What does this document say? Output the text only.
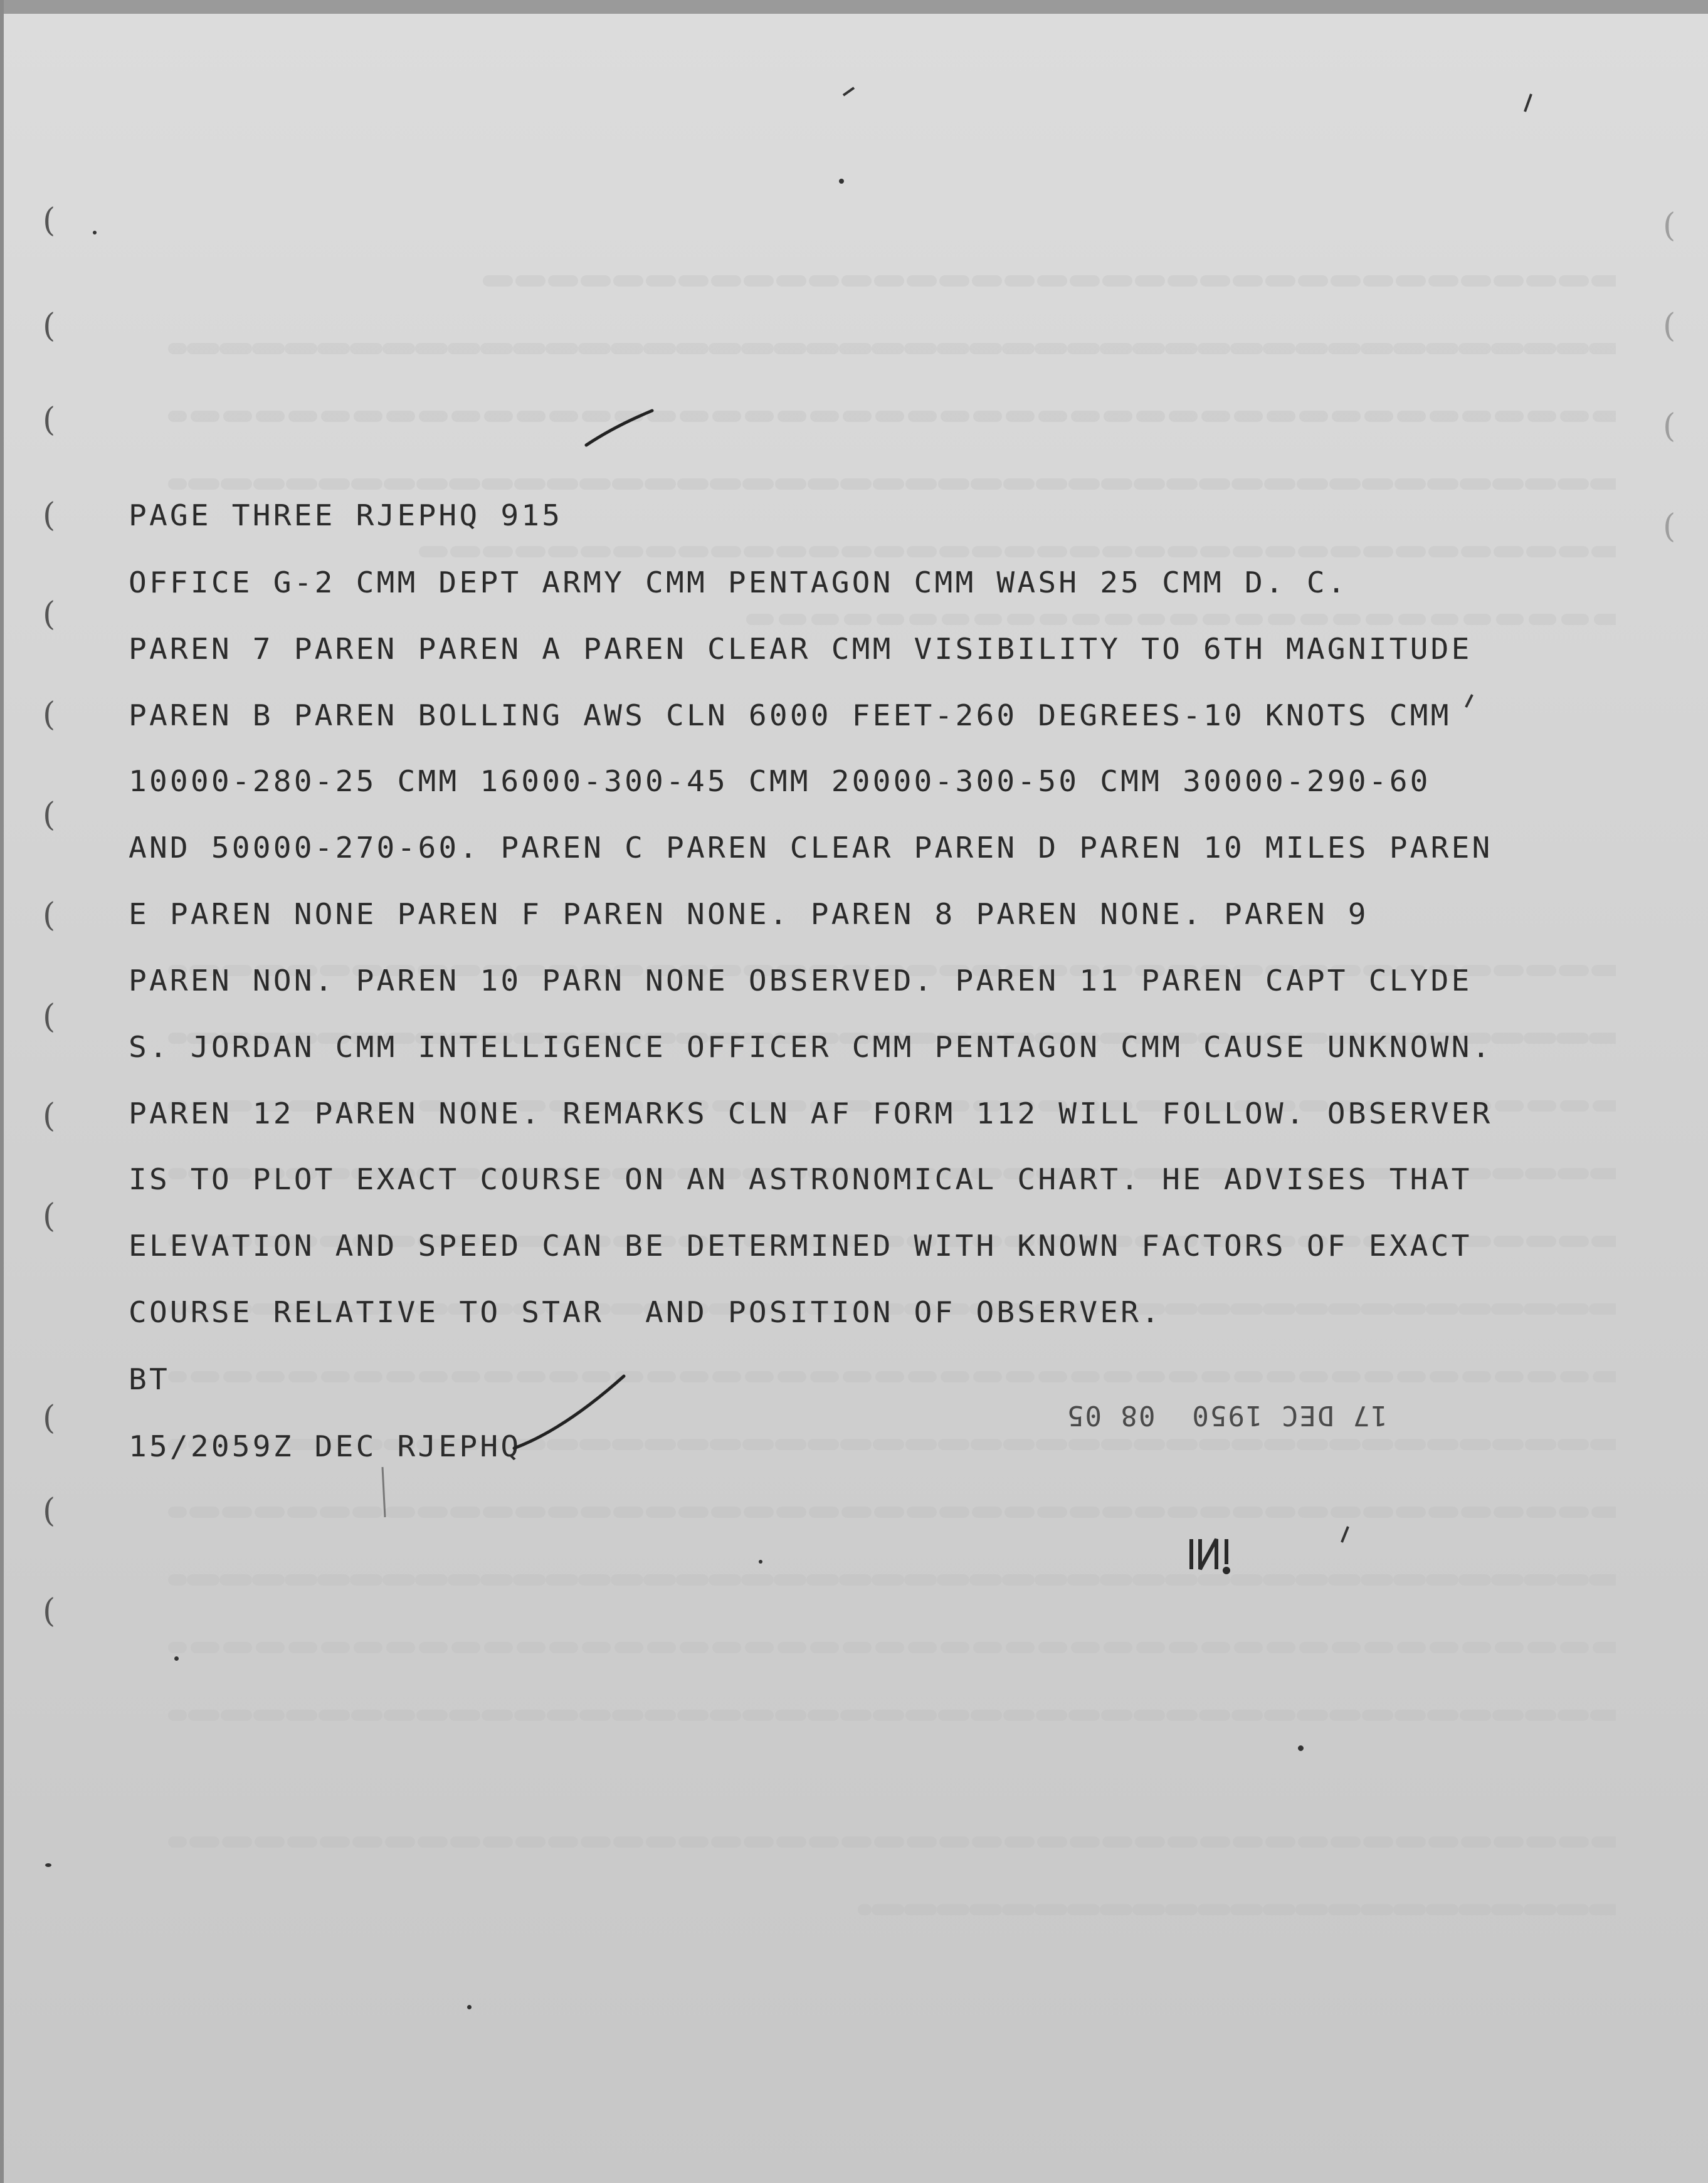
(
(
(
(
(
(
(
(
(
(
(
(
(
(
(
(
(
(
PAGE THREE RJEPHQ 915
OFFICE G-2 CMM DEPT ARMY CMM PENTAGON CMM WASH 25 CMM D. C.
PAREN 7 PAREN PAREN A PAREN CLEAR CMM VISIBILITY TO 6TH MAGNITUDE
PAREN B PAREN BOLLING AWS CLN 6000 FEET-260 DEGREES-10 KNOTS CMM
10000-280-25 CMM 16000-300-45 CMM 20000-300-50 CMM 30000-290-60
AND 50000-270-60. PAREN C PAREN CLEAR PAREN D PAREN 10 MILES PAREN
E PAREN NONE PAREN F PAREN NONE. PAREN 8 PAREN NONE. PAREN 9
PAREN NON. PAREN 10 PARN NONE OBSERVED. PAREN 11 PAREN CAPT CLYDE
S. JORDAN CMM INTELLIGENCE OFFICER CMM PENTAGON CMM CAUSE UNKNOWN.
PAREN 12 PAREN NONE. REMARKS CLN AF FORM 112 WILL FOLLOW. OBSERVER
IS TO PLOT EXACT COURSE ON AN ASTRONOMICAL CHART. HE ADVISES THAT
ELEVATION AND SPEED CAN BE DETERMINED WITH KNOWN FACTORS OF EXACT
COURSE RELATIVE TO STAR  AND POSITION OF OBSERVER.
BT
15/2059Z DEC RJEPHQ
17 DEC 1950  08 05
